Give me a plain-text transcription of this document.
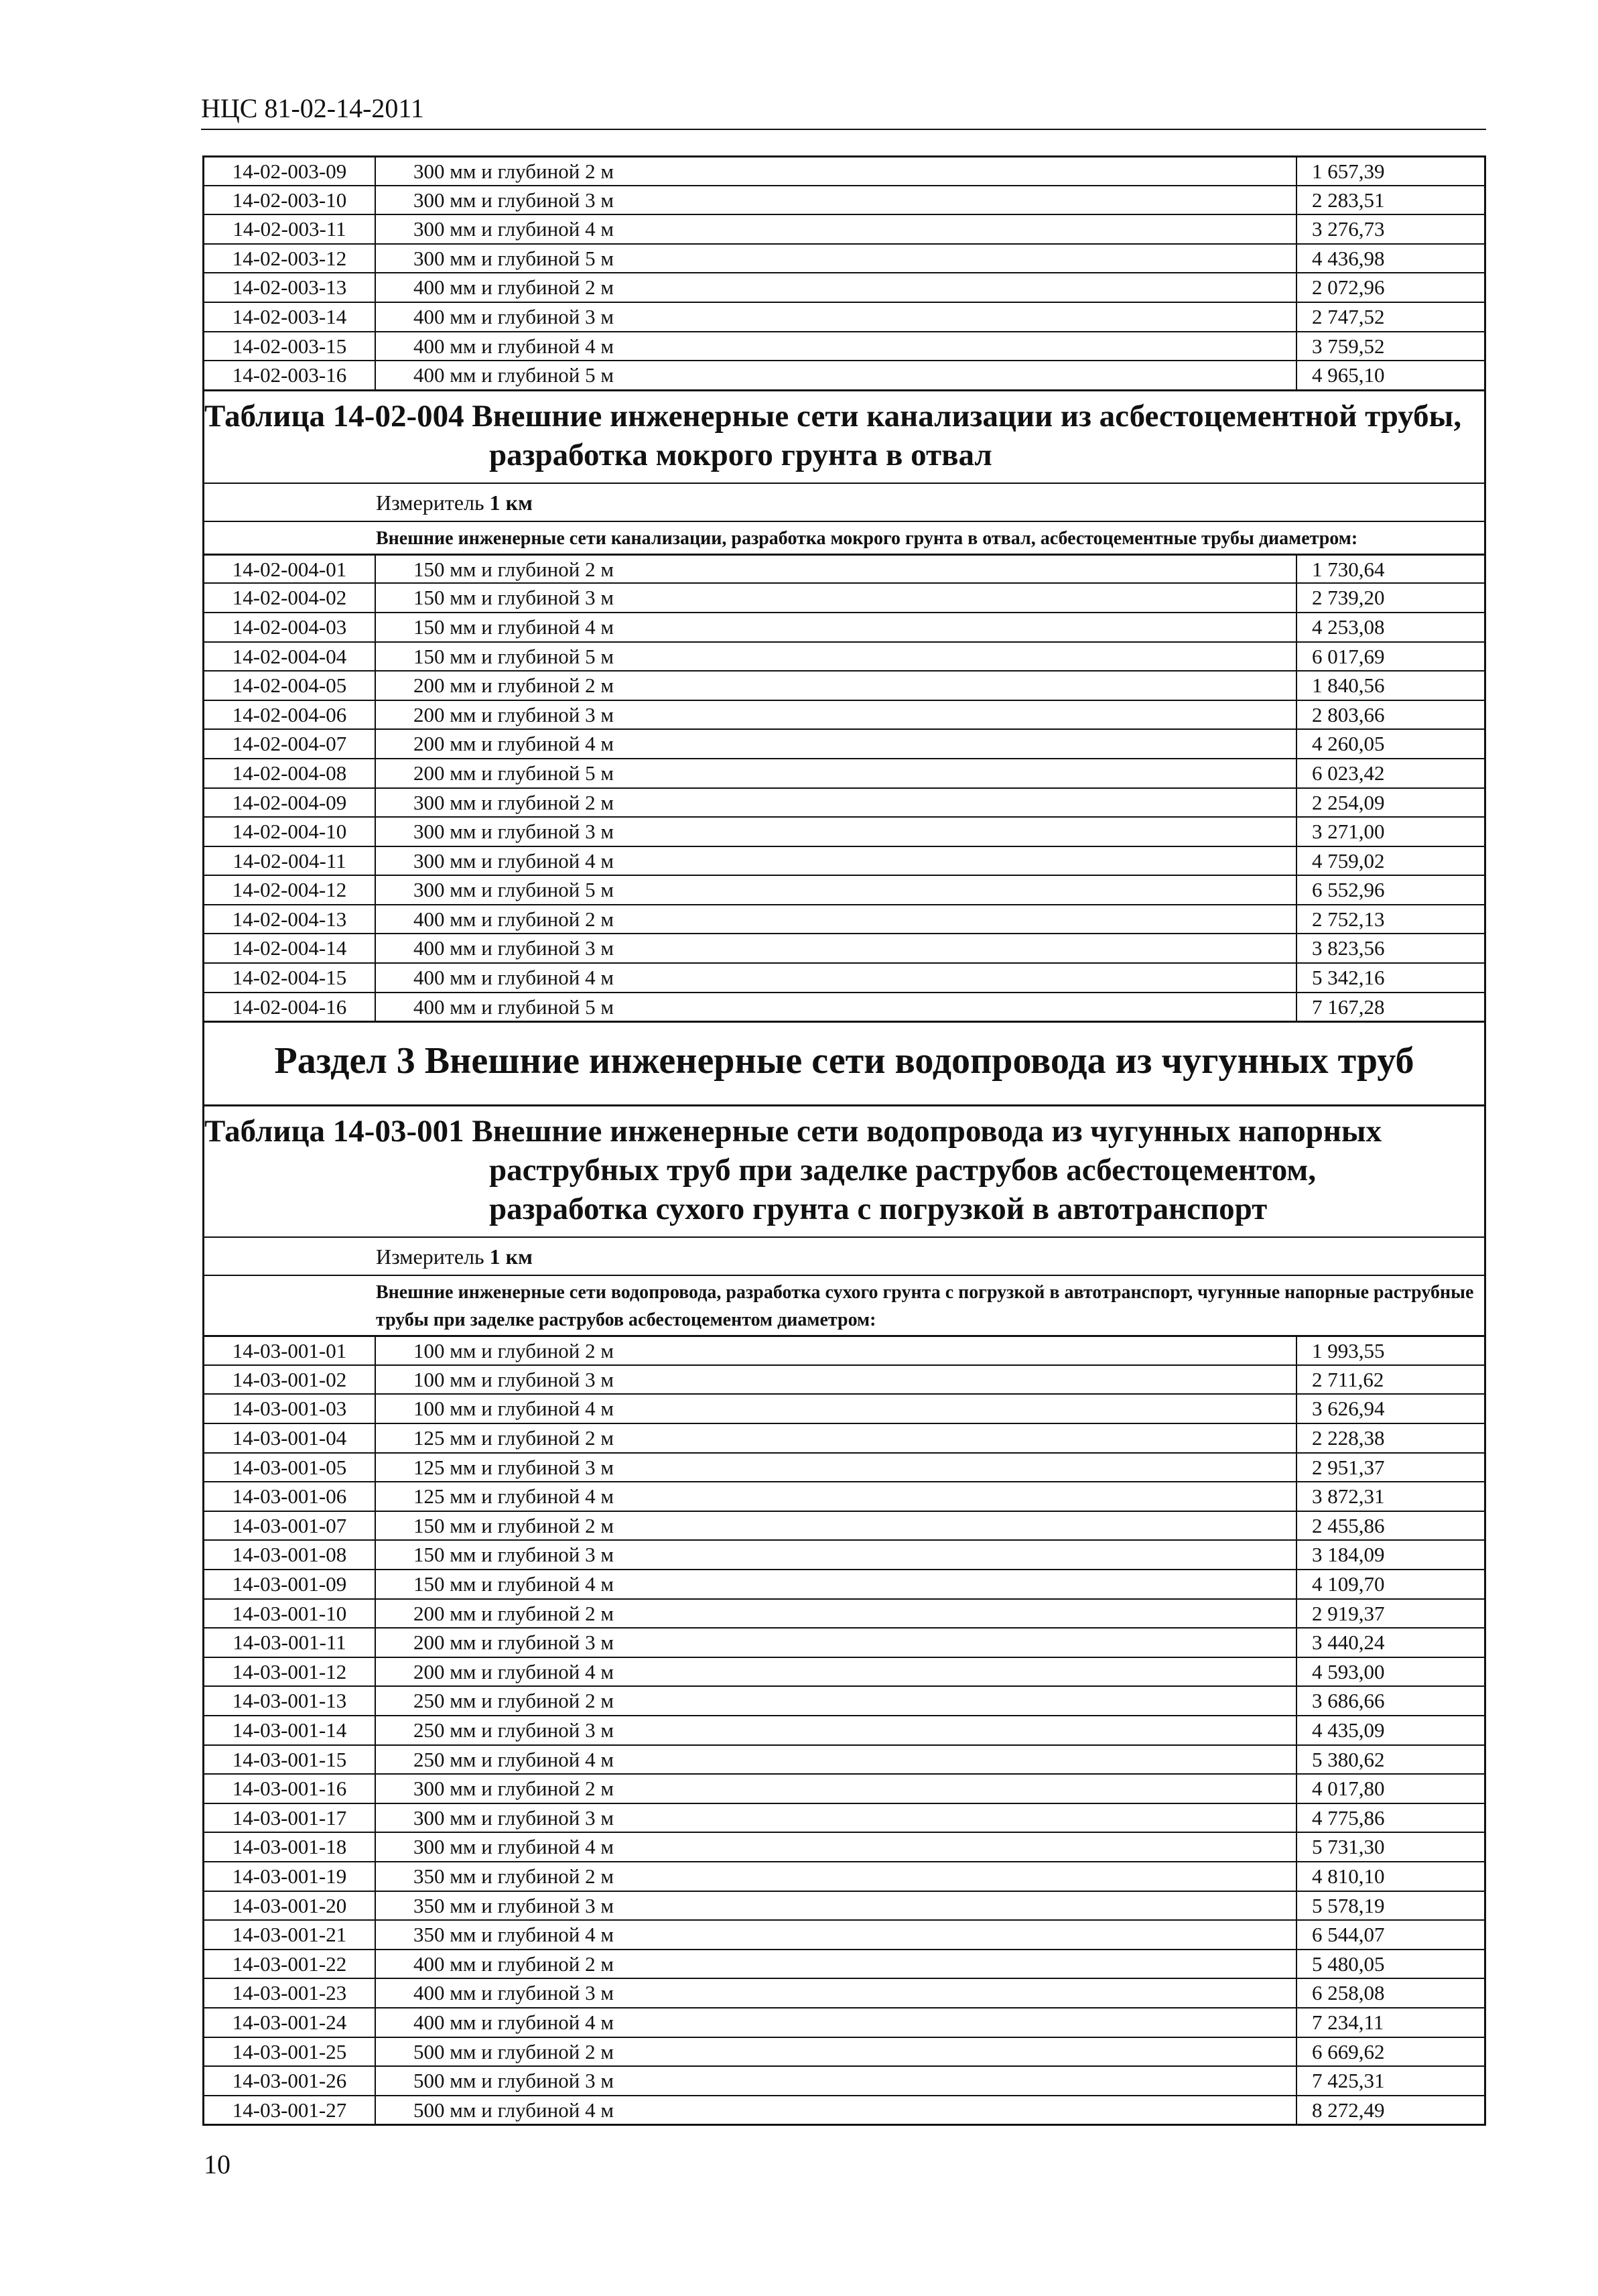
НЦС 81-02-14-2011
14-02-003-09	300 мм и глубиной 2 м	1 657,39
14-02-003-10	300 мм и глубиной 3 м	2 283,51
14-02-003-11	300 мм и глубиной 4 м	3 276,73
14-02-003-12	300 мм и глубиной 5 м	4 436,98
14-02-003-13	400 мм и глубиной 2 м	2 072,96
14-02-003-14	400 мм и глубиной 3 м	2 747,52
14-02-003-15	400 мм и глубиной 4 м	3 759,52
14-02-003-16	400 мм и глубиной 5 м	4 965,10
Таблица 14-02-004 Внешние инженерные сети канализации из асбестоцементной трубы,
разработка мокрого грунта в отвал
Измеритель 1 км
Внешние инженерные сети канализации, разработка мокрого грунта в отвал, асбестоцементные трубы диаметром:
14-02-004-01	150 мм и глубиной 2 м	1 730,64
14-02-004-02	150 мм и глубиной 3 м	2 739,20
14-02-004-03	150 мм и глубиной 4 м	4 253,08
14-02-004-04	150 мм и глубиной 5 м	6 017,69
14-02-004-05	200 мм и глубиной 2 м	1 840,56
14-02-004-06	200 мм и глубиной 3 м	2 803,66
14-02-004-07	200 мм и глубиной 4 м	4 260,05
14-02-004-08	200 мм и глубиной 5 м	6 023,42
14-02-004-09	300 мм и глубиной 2 м	2 254,09
14-02-004-10	300 мм и глубиной 3 м	3 271,00
14-02-004-11	300 мм и глубиной 4 м	4 759,02
14-02-004-12	300 мм и глубиной 5 м	6 552,96
14-02-004-13	400 мм и глубиной 2 м	2 752,13
14-02-004-14	400 мм и глубиной 3 м	3 823,56
14-02-004-15	400 мм и глубиной 4 м	5 342,16
14-02-004-16	400 мм и глубиной 5 м	7 167,28
Раздел 3 Внешние инженерные сети водопровода из чугунных труб
Таблица 14-03-001 Внешние инженерные сети водопровода из чугунных напорных
раструбных труб при заделке раструбов асбестоцементом,
разработка сухого грунта с погрузкой в автотранспорт
Измеритель 1 км
Внешние инженерные сети водопровода, разработка сухого грунта с погрузкой в автотранспорт, чугунные напорные раструбные трубы при заделке раструбов асбестоцементом диаметром:
14-03-001-01	100 мм и глубиной 2 м	1 993,55
14-03-001-02	100 мм и глубиной 3 м	2 711,62
14-03-001-03	100 мм и глубиной 4 м	3 626,94
14-03-001-04	125 мм и глубиной 2 м	2 228,38
14-03-001-05	125 мм и глубиной 3 м	2 951,37
14-03-001-06	125 мм и глубиной 4 м	3 872,31
14-03-001-07	150 мм и глубиной 2 м	2 455,86
14-03-001-08	150 мм и глубиной 3 м	3 184,09
14-03-001-09	150 мм и глубиной 4 м	4 109,70
14-03-001-10	200 мм и глубиной 2 м	2 919,37
14-03-001-11	200 мм и глубиной 3 м	3 440,24
14-03-001-12	200 мм и глубиной 4 м	4 593,00
14-03-001-13	250 мм и глубиной 2 м	3 686,66
14-03-001-14	250 мм и глубиной 3 м	4 435,09
14-03-001-15	250 мм и глубиной 4 м	5 380,62
14-03-001-16	300 мм и глубиной 2 м	4 017,80
14-03-001-17	300 мм и глубиной 3 м	4 775,86
14-03-001-18	300 мм и глубиной 4 м	5 731,30
14-03-001-19	350 мм и глубиной 2 м	4 810,10
14-03-001-20	350 мм и глубиной 3 м	5 578,19
14-03-001-21	350 мм и глубиной 4 м	6 544,07
14-03-001-22	400 мм и глубиной 2 м	5 480,05
14-03-001-23	400 мм и глубиной 3 м	6 258,08
14-03-001-24	400 мм и глубиной 4 м	7 234,11
14-03-001-25	500 мм и глубиной 2 м	6 669,62
14-03-001-26	500 мм и глубиной 3 м	7 425,31
14-03-001-27	500 мм и глубиной 4 м	8 272,49
10
